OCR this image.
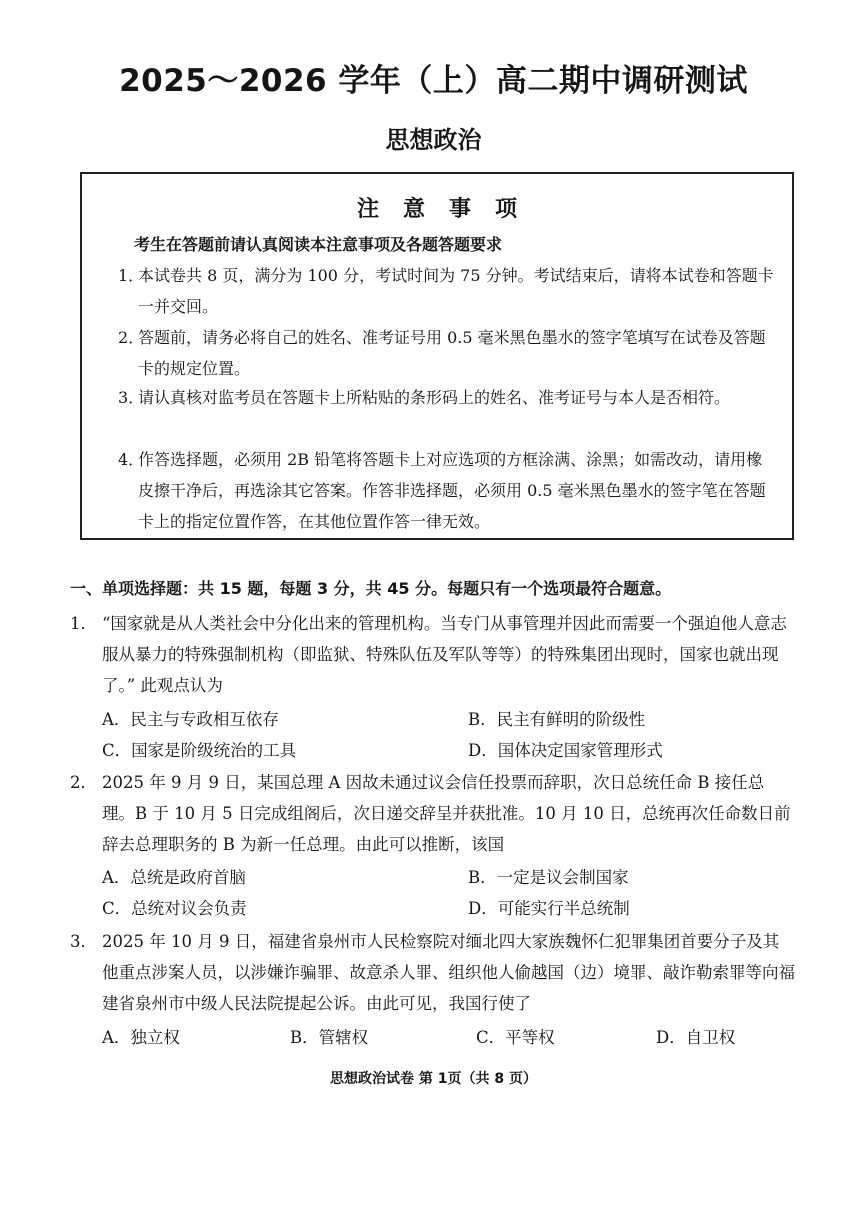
2025～2026 学年（上）高二期中调研测试
思想政治
注意事项
考生在答题前请认真阅读本注意事项及各题答题要求
1．
本试卷共 8 页，满分为 100 分，考试时间为 75 分钟。考试结束后，请将本试卷和答题卡一并交回。
2．
答题前，请务必将自己的姓名、准考证号用 0.5 毫米黑色墨水的签字笔填写在试卷及答题卡的规定位置。
3．
请认真核对监考员在答题卡上所粘贴的条形码上的姓名、准考证号与本人是否相符。
4．
作答选择题，必须用 2B 铅笔将答题卡上对应选项的方框涂满、涂黑；如需改动，请用橡皮擦干净后，再选涂其它答案。作答非选择题，必须用 0.5 毫米黑色墨水的签字笔在答题卡上的指定位置作答，在其他位置作答一律无效。
一、单项选择题：共 15 题，每题 3 分，共 45 分。每题只有一个选项最符合题意。
1． “国家就是从人类社会中分化出来的管理机构。当专门从事管理并因此而需要一个强迫他人意志服从暴力的特殊强制机构（即监狱、特殊队伍及军队等等）的特殊集团出现时，国家也就出现了。” 此观点认为
A．民主与专政相互依存	B．民主有鲜明的阶级性
C．国家是阶级统治的工具	D．国体决定国家管理形式
2． 2025 年 9 月 9 日，某国总理 A 因故未通过议会信任投票而辞职，次日总统任命 B 接任总理。B 于 10 月 5 日完成组阁后，次日递交辞呈并获批准。10 月 10 日，总统再次任命数日前辞去总理职务的 B 为新一任总理。由此可以推断，该国
A．总统是政府首脑	B．一定是议会制国家
C．总统对议会负责	D．可能实行半总统制
3． 2025 年 10 月 9 日，福建省泉州市人民检察院对缅北四大家族魏怀仁犯罪集团首要分子及其他重点涉案人员，以涉嫌诈骗罪、故意杀人罪、组织他人偷越国（边）境罪、敲诈勒索罪等向福建省泉州市中级人民法院提起公诉。由此可见，我国行使了
A．独立权	B．管辖权	C．平等权	D．自卫权
思想政治试卷 第 1页（共 8 页）
